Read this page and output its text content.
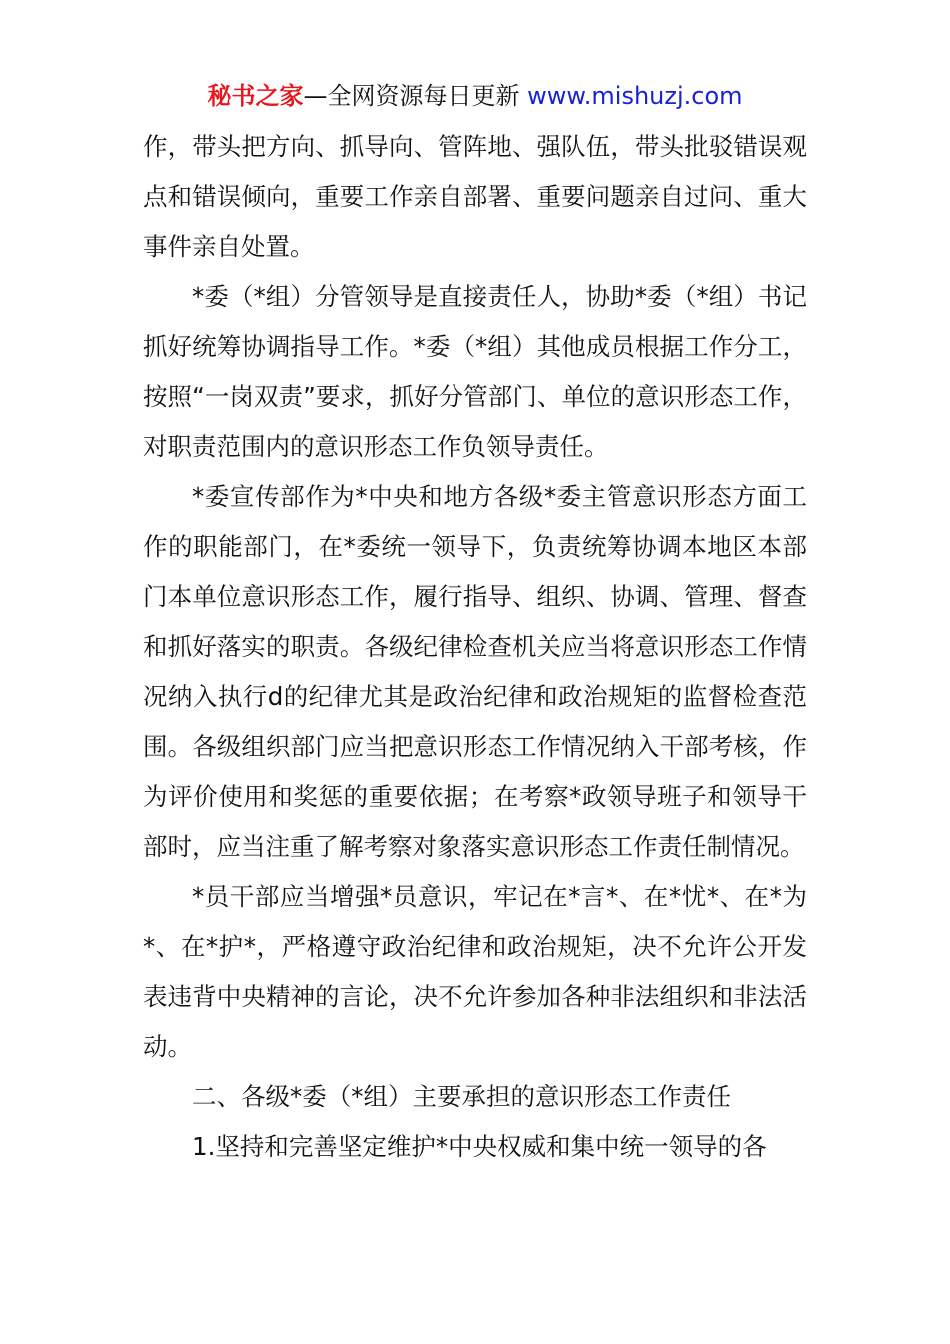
秘书之家—全网资源每日更新 www.mishuzj.com

作，带头把方向、抓导向、管阵地、强队伍，带头批驳错误观点和错误倾向，重要工作亲自部署、重要问题亲自过问、重大事件亲自处置。

*委（*组）分管领导是直接责任人，协助*委（*组）书记抓好统筹协调指导工作。*委（*组）其他成员根据工作分工，按照“一岗双责”要求，抓好分管部门、单位的意识形态工作，对职责范围内的意识形态工作负领导责任。

*委宣传部作为*中央和地方各级*委主管意识形态方面工作的职能部门，在*委统一领导下，负责统筹协调本地区本部门本单位意识形态工作，履行指导、组织、协调、管理、督查和抓好落实的职责。各级纪律检查机关应当将意识形态工作情况纳入执行d的纪律尤其是政治纪律和政治规矩的监督检查范围。各级组织部门应当把意识形态工作情况纳入干部考核，作为评价使用和奖惩的重要依据；在考察*政领导班子和领导干部时，应当注重了解考察对象落实意识形态工作责任制情况。

*员干部应当增强*员意识，牢记在*言*、在*忧*、在*为*、在*护*，严格遵守政治纪律和政治规矩，决不允许公开发表违背中央精神的言论，决不允许参加各种非法组织和非法活动。

二、各级*委（*组）主要承担的意识形态工作责任

1.坚持和完善坚定维护*中央权威和集中统一领导的各
